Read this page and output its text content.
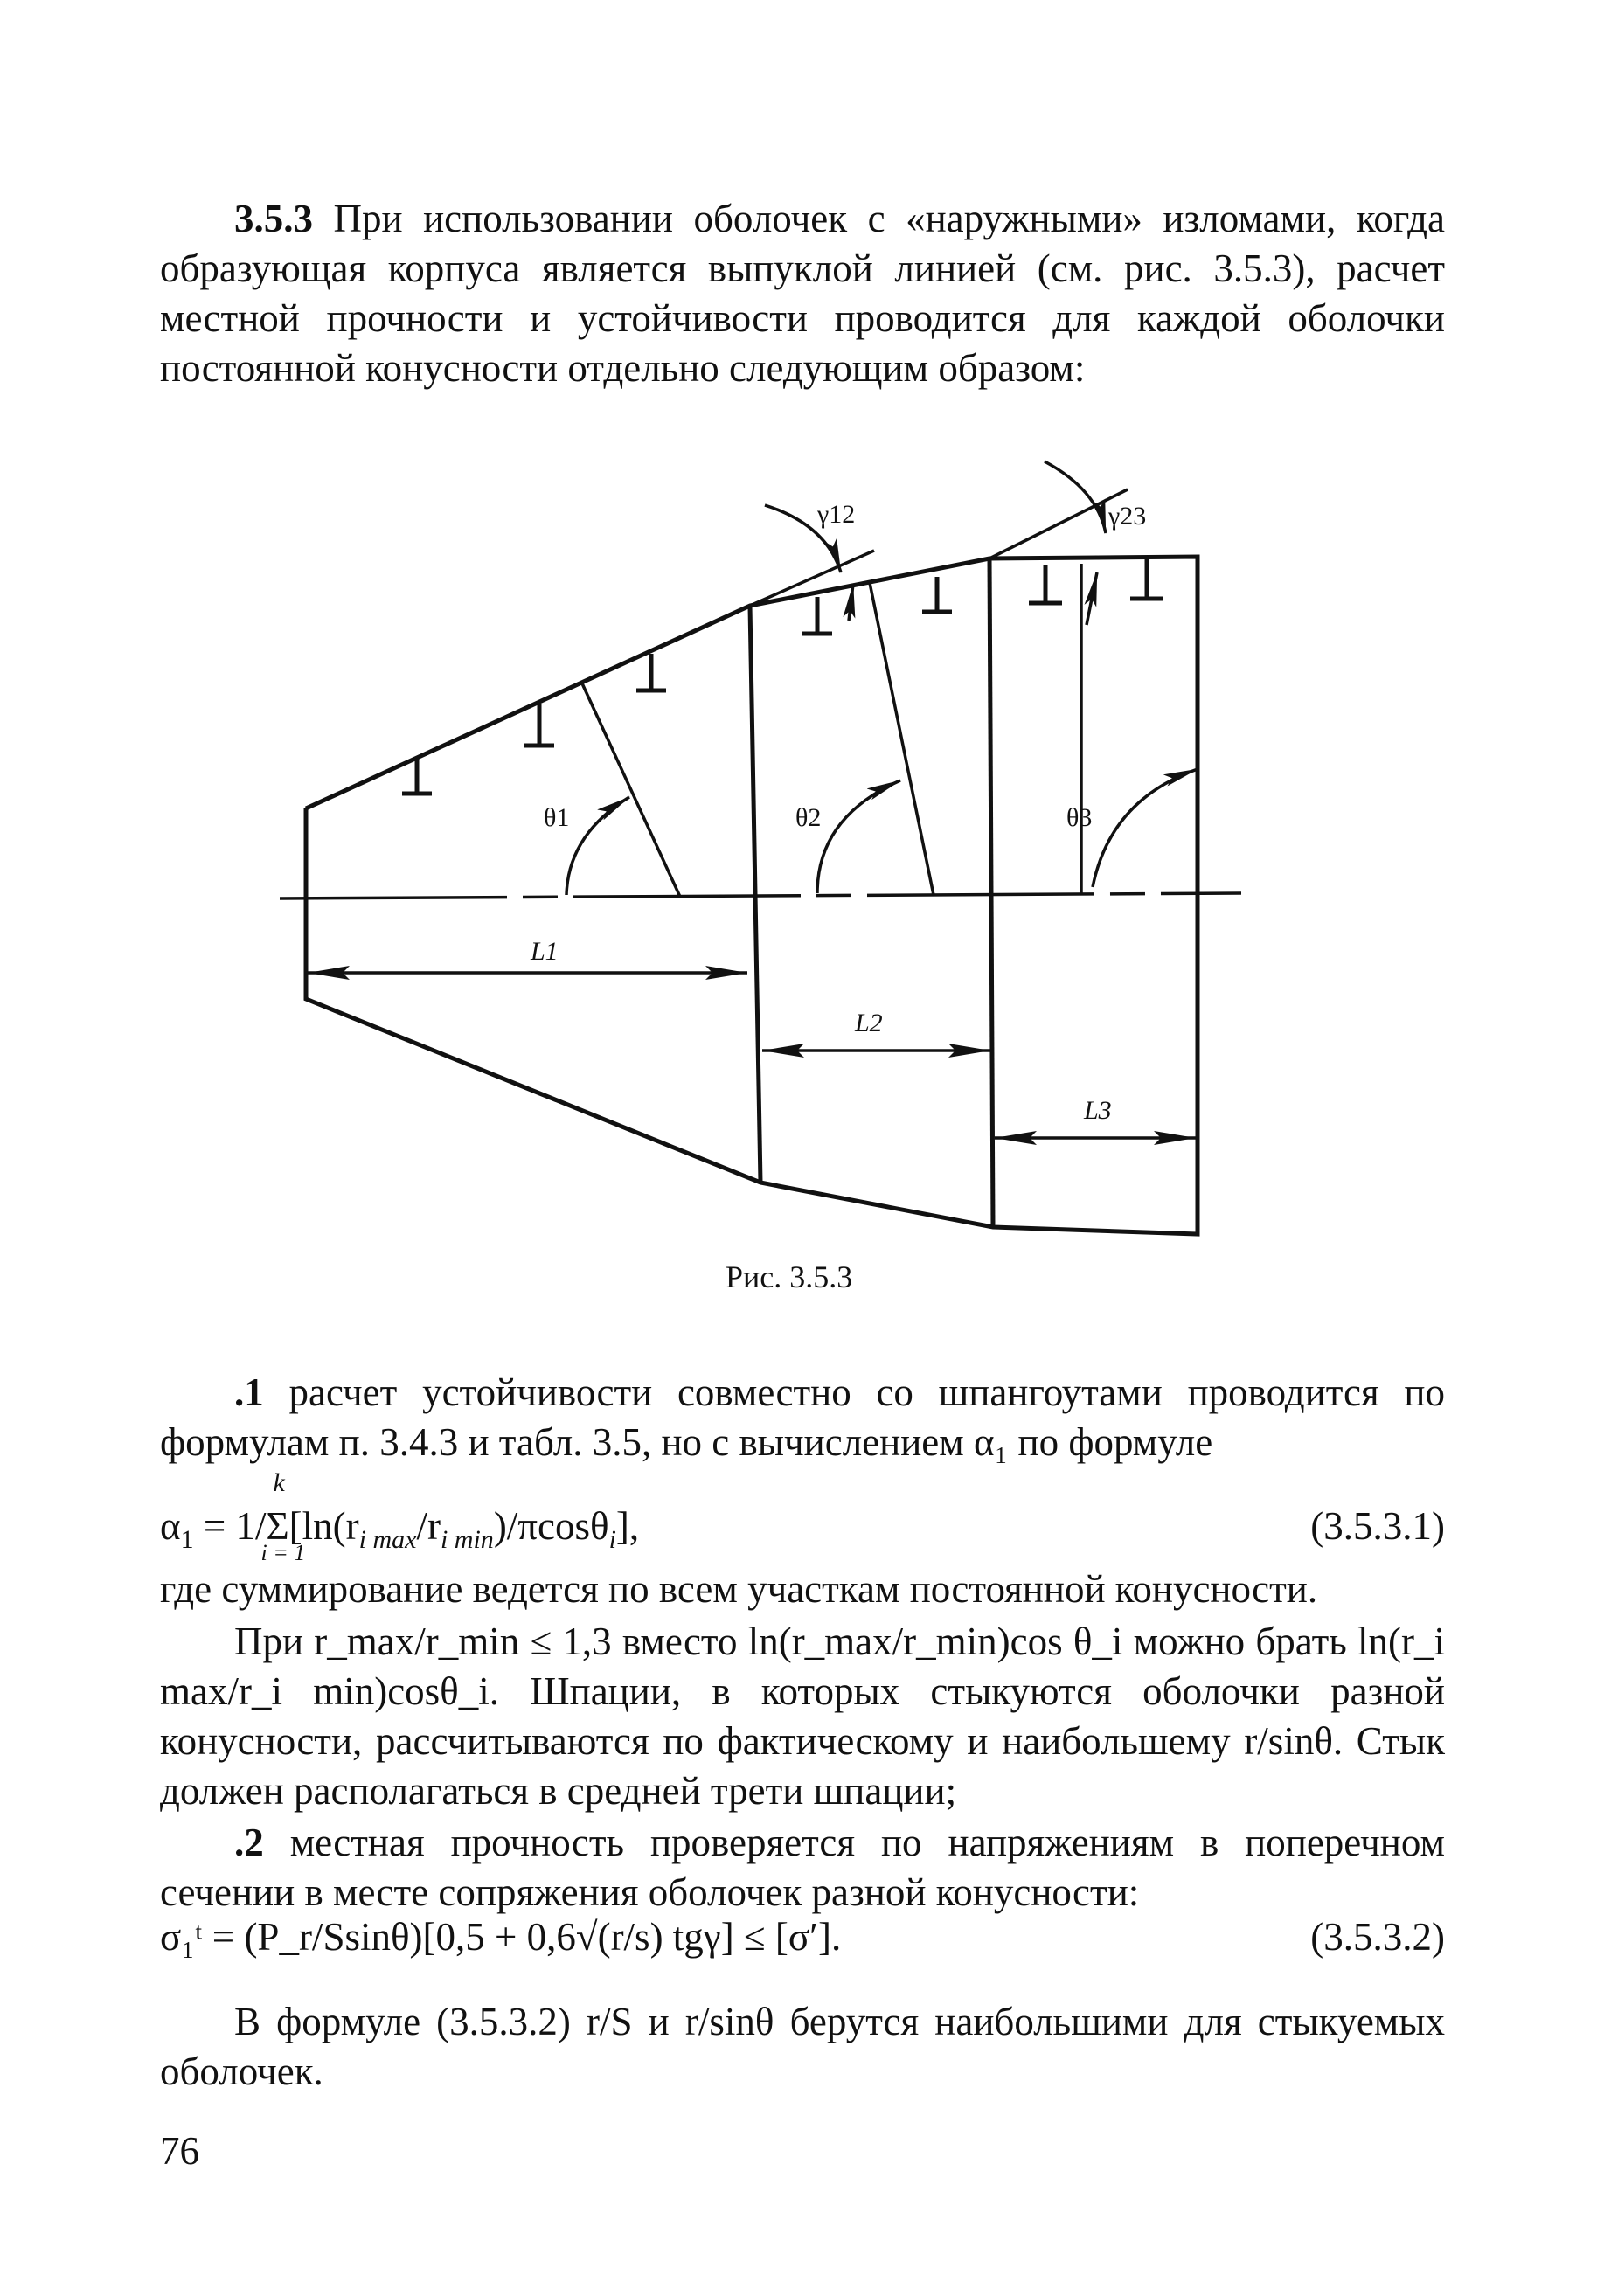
3.5.3 При использовании оболочек с «наружными» изломами, когда образующая корпуса является выпуклой линией (см. рис. 3.5.3), расчет местной прочности и устойчивости проводится для каждой оболочки постоянной конусности отдельно следующим образом:

γ12	γ23
θ1	θ2	θ3
L1
L2
L3
Рис. 3.5.3

.1 расчет устойчивости совместно со шпангоутами проводится по формулам п. 3.4.3 и табл. 3.5, но с вычислением α₁ по формуле

$\alpha_1 = 1/$
k
Σ
i = 1
$[\ln(r_{i max}/r_{i min})/\pi\cos\theta_i]$,	(3.5.3.1)

где суммирование ведется по всем участкам постоянной конусности.

При r_max/r_min ≤ 1,3 вместо ln(r_max/r_min)cos θ_i можно брать ln(r_i max/r_i min)cosθ_i. Шпации, в которых стыкуются оболочки разной конусности, рассчитываются по фактическому и наибольшему r/sinθ. Стык должен располагаться в средней трети шпации;

.2 местная прочность проверяется по напряжениям в поперечном сечении в месте сопряжения оболочек разной конусности:

σ₁ᵗ = (P_r/Ssinθ)[0,5 + 0,6√(r/s) tgγ] ≤ [σ′].	(3.5.3.2)

В формуле (3.5.3.2) r/S и r/sinθ берутся наибольшими для стыкуемых оболочек.

76
